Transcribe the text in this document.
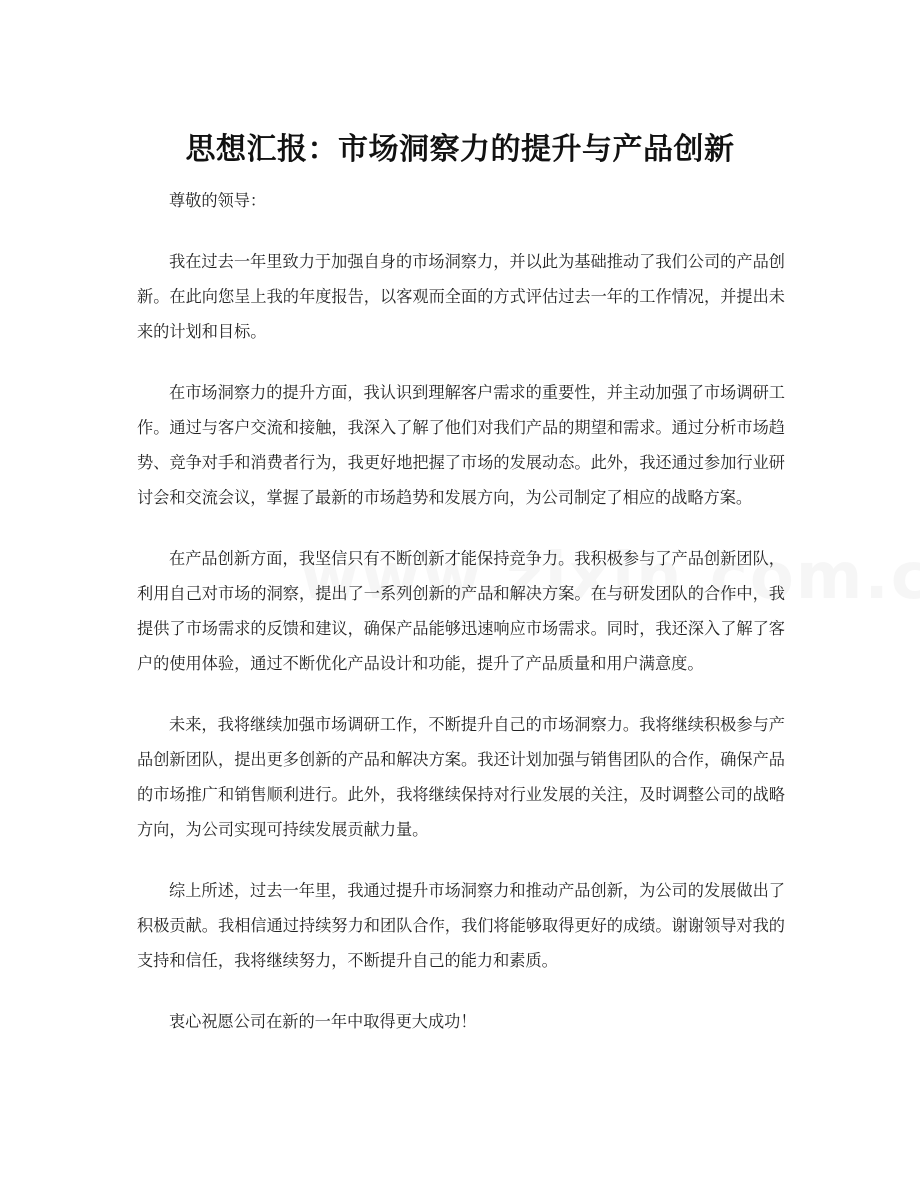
思想汇报：市场洞察力的提升与产品创新

尊敬的领导：

我在过去一年里致力于加强自身的市场洞察力，并以此为基础推动了我们公司的产品创新。在此向您呈上我的年度报告，以客观而全面的方式评估过去一年的工作情况，并提出未来的计划和目标。

在市场洞察力的提升方面，我认识到理解客户需求的重要性，并主动加强了市场调研工作。通过与客户交流和接触，我深入了解了他们对我们产品的期望和需求。通过分析市场趋势、竞争对手和消费者行为，我更好地把握了市场的发展动态。此外，我还通过参加行业研讨会和交流会议，掌握了最新的市场趋势和发展方向，为公司制定了相应的战略方案。

在产品创新方面，我坚信只有不断创新才能保持竞争力。我积极参与了产品创新团队，利用自己对市场的洞察，提出了一系列创新的产品和解决方案。在与研发团队的合作中，我提供了市场需求的反馈和建议，确保产品能够迅速响应市场需求。同时，我还深入了解了客户的使用体验，通过不断优化产品设计和功能，提升了产品质量和用户满意度。

未来，我将继续加强市场调研工作，不断提升自己的市场洞察力。我将继续积极参与产品创新团队，提出更多创新的产品和解决方案。我还计划加强与销售团队的合作，确保产品的市场推广和销售顺利进行。此外，我将继续保持对行业发展的关注，及时调整公司的战略方向，为公司实现可持续发展贡献力量。

综上所述，过去一年里，我通过提升市场洞察力和推动产品创新，为公司的发展做出了积极贡献。我相信通过持续努力和团队合作，我们将能够取得更好的成绩。谢谢领导对我的支持和信任，我将继续努力，不断提升自己的能力和素质。

衷心祝愿公司在新的一年中取得更大成功！
